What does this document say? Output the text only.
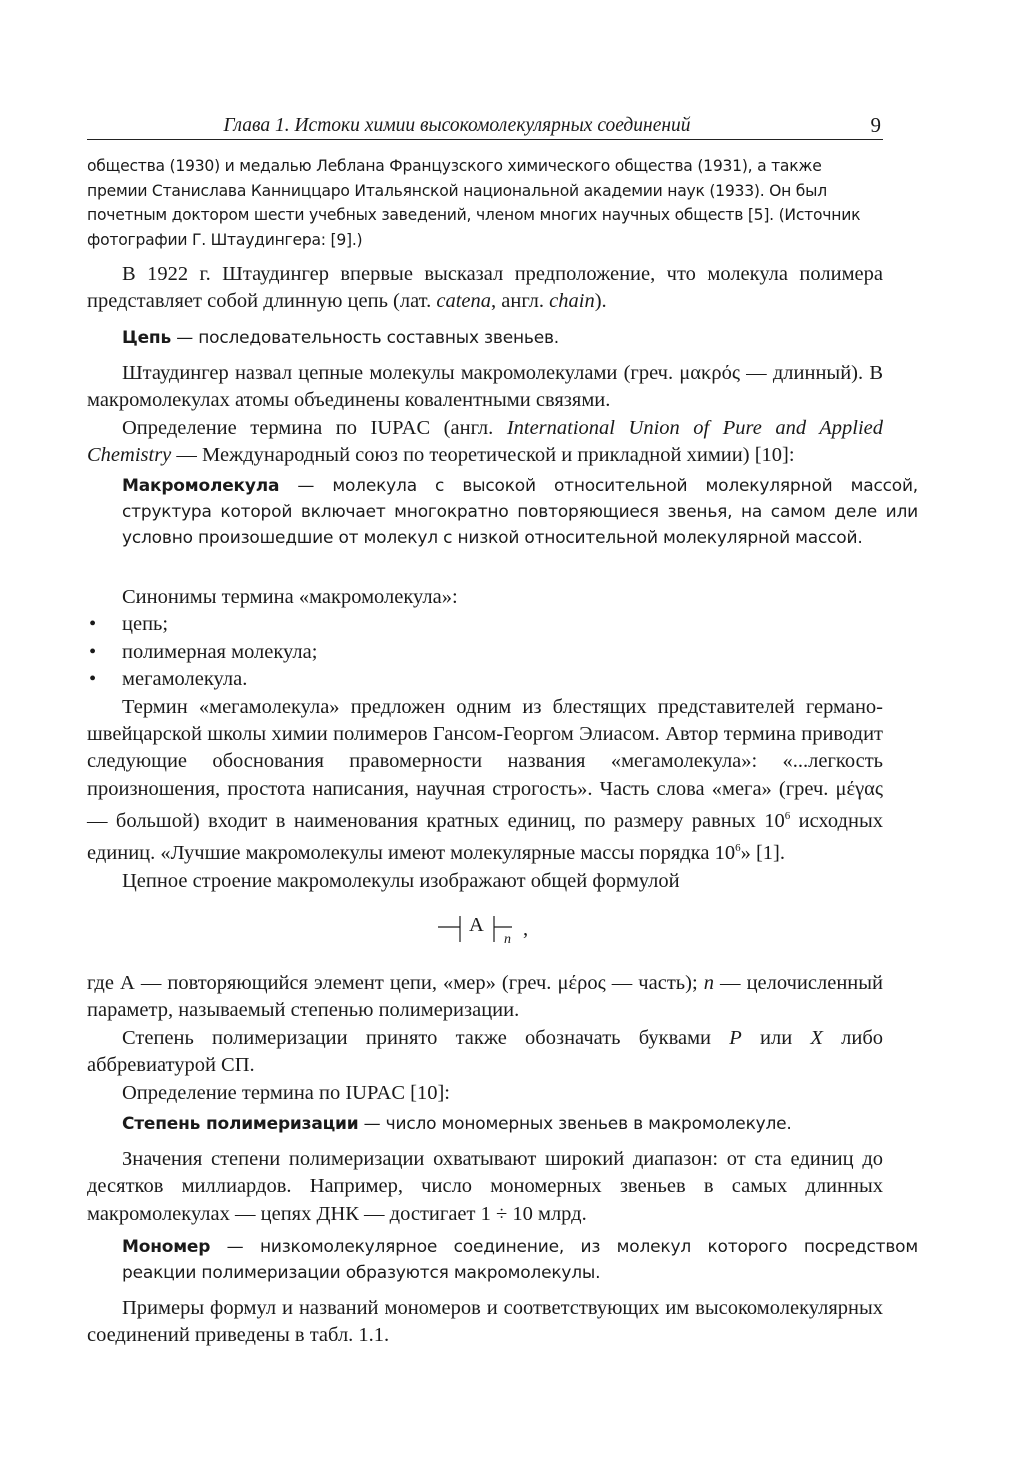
Глава 1. Истоки химии высокомолекулярных соединений	9
общества (1930) и медалью Леблана Французского химического общества (1931), а также
премии Станислава Канниццаро Итальянской национальной академии наук (1933). Он был
почетным доктором шести учебных заведений, членом многих научных обществ [5]. (Источник
фотографии Г. Штаудингера: [9].)

В 1922 г. Штаудингер впервые высказал предположение, что молекула полимера представляет собой длинную цепь (лат. catena, англ. chain).

Цепь — последовательность составных звеньев.

Штаудингер назвал цепные молекулы макромолекулами (греч. μακρός — длинный). В макромолекулах атомы объединены ковалентными связями.

Определение термина по IUPAC (англ. International Union of Pure and Applied Chemistry — Международный союз по теоретической и прикладной химии) [10]:

Макромолекула — молекула с высокой относительной молекулярной массой, структура которой включает многократно повторяющиеся звенья, на самом деле или условно произошедшие от молекул с низкой относительной молекулярной массой.

Синонимы термина «макромолекула»:

• цепь;
• полимерная молекула;
• мегамолекула.

Термин «мегамолекула» предложен одним из блестящих представителей германо-швейцарской школы химии полимеров Гансом-Георгом Элиасом. Автор термина приводит следующие обоснования правомерности названия «мегамолекула»: «...легкость произношения, простота написания, научная строгость». Часть слова «мега» (греч. μέγας — большой) входит в наименования кратных единиц, по размеру равных $10^6$ исходных единиц. «Лучшие макромолекулы имеют молекулярные массы порядка $10^6$» [1].

Цепное строение макромолекулы изображают общей формулой

A
n ,

где А — повторяющийся элемент цепи, «мер» (греч. μέρος — часть); n — целочисленный параметр, называемый степенью полимеризации.

Степень полимеризации принято также обозначать буквами P или X либо аббревиатурой СП.

Определение термина по IUPAC [10]:

Степень полимеризации — число мономерных звеньев в макромолекуле.

Значения степени полимеризации охватывают широкий диапазон: от ста единиц до десятков миллиардов. Например, число мономерных звеньев в самых длинных макромолекулах — цепях ДНК — достигает 1 ÷ 10 млрд.

Мономер — низкомолекулярное соединение, из молекул которого посредством реакции полимеризации образуются макромолекулы.

Примеры формул и названий мономеров и соответствующих им высокомолекулярных соединений приведены в табл. 1.1.
